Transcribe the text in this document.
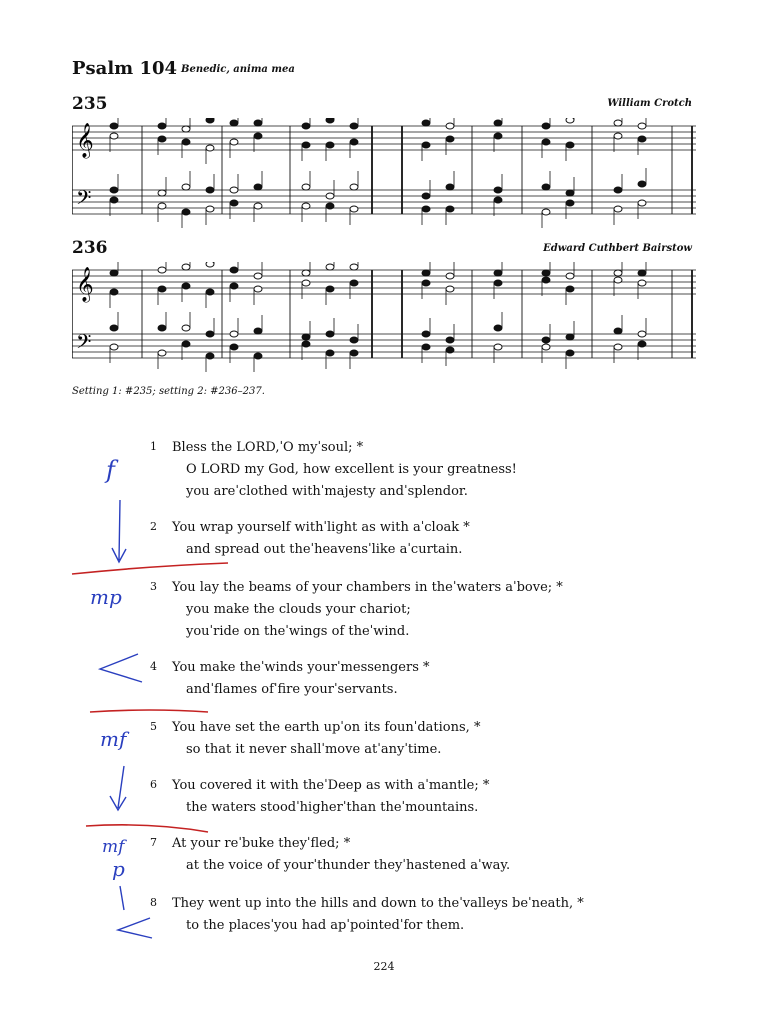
Psalm 104 Benedic, anima mea
235	William Crotch
𝄞
𝄢
236	Edward Cuthbert Bairstow
𝄞
𝄢
Setting 1: #235; setting 2: #236–237.
1 Bless the LORD,ˈO myˈsoul; *
O LORD my God, how excellent is your greatness!
you areˈclothed withˈmajesty andˈsplendor.
2 You wrap yourself withˈlight as with aˈcloak *
and spread out theˈheavensˈlike aˈcurtain.
3 You lay the beams of your chambers in theˈwaters aˈbove; *
you make the clouds your chariot;
youˈride on theˈwings of theˈwind.
4 You make theˈwinds yourˈmessengers *
andˈflames ofˈfire yourˈservants.
5 You have set the earth upˈon its founˈdations, *
so that it never shallˈmove atˈanyˈtime.
6 You covered it with theˈDeep as with aˈmantle; *
the waters stoodˈhigherˈthan theˈmountains.
7 At your reˈbuke theyˈfled; *
at the voice of yourˈthunder theyˈhastened aˈway.
8 They went up into the hills and down to theˈvalleys beˈneath, *
to the placesˈyou had apˈpointedˈfor them.
f
mp
mf
mf
p
224
